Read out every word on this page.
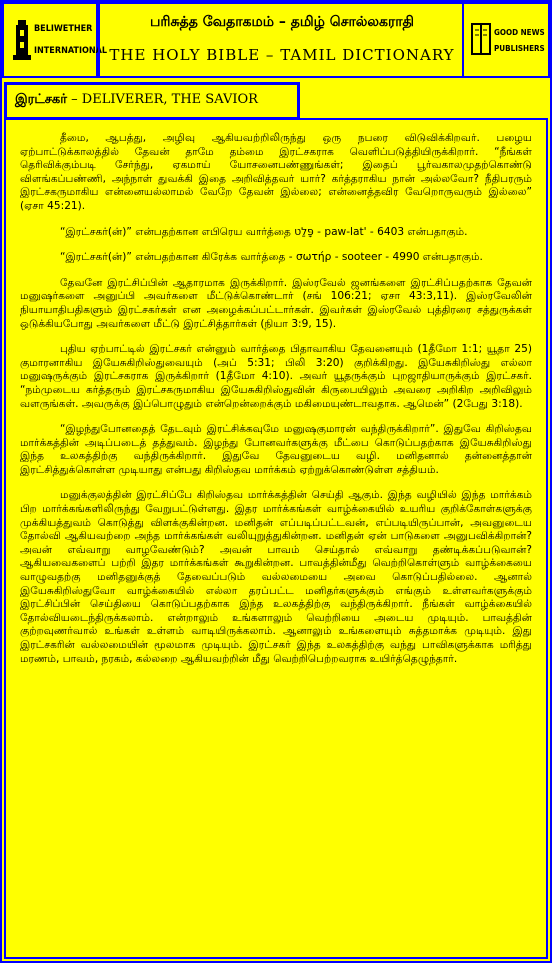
BELIWETHER
INTERNATIONAL
பரிசுத்த வேதாகமம் – தமிழ் சொல்லகராதி
THE HOLY BIBLE – TAMIL DICTIONARY
GOOD NEWS
PUBLISHERS
இரட்சகர் – DELIVERER, THE SAVIOR

தீமை, ஆபத்து, அழிவு ஆகியவற்றிலிருந்து ஒரு நபரை விடுவிக்கிறவர். பழைய ஏற்பாட்டுக்காலத்தில் தேவன் தாமே தம்மை இரட்சகராக வெளிப்படுத்தியிருக்கிறார். “நீங்கள் தெரிவிக்கும்படி சேர்ந்து, ஏகமாய் யோசனைபண்ணுங்கள்; இதைப் பூர்வகாலமுதற்கொண்டு விளங்கப்பண்ணி, அந்நாள் துவக்கி இதை அறிவித்தவர் யார்? கர்த்தராகிய நான் அல்லவோ? நீதிபரரும் இரட்சகருமாகிய என்னையல்லாமல் வேறே தேவன் இல்லை; என்னைத்தவிர வேறொருவரும் இல்லை” (ஏசா 45:21).

“இரட்சகர்(ன்)” என்பதற்கான எபிரெய வார்த்தை פָּלַט - paw-lat' - 6403 என்பதாகும்.

“இரட்சகர்(ன்)” என்பதற்கான கிரேக்க வார்த்தை - σωτήρ - sooteer - 4990 என்பதாகும்.

தேவனே இரட்சிப்பின் ஆதாரமாக இருக்கிறார். இஸ்ரவேல் ஜனங்களை இரட்சிப்பதற்காக தேவன் மனுஷர்களை அனுப்பி அவர்களை மீட்டுக்கொண்டார் (சங் 106:21; ஏசா 43:3,11). இஸ்ரவேலின் நியாயாதிபதிகளும் இரட்சகர்கள் என அழைக்கப்பட்டார்கள். இவர்கள் இஸ்ரவேல் புத்திரரை சத்துருக்கள் ஒடுக்கியபோது அவர்களை மீட்டு இரட்சித்தார்கள் (நியா 3:9, 15).

புதிய ஏற்பாட்டில் இரட்சகர் என்னும் வார்த்தை பிதாவாகிய தேவனையும் (1தீமோ 1:1; யூதா 25) குமாரனாகிய இயேசுகிறிஸ்துவையும் (அப் 5:31; பிலி 3:20) குறிக்கிறது. இயேசுகிறிஸ்து எல்லா மனுஷருக்கும் இரட்சகராக இருக்கிறார் (1தீமோ 4:10). அவர் யூதருக்கும் புறஜாதியாருக்கும் இரட்சகர். “நம்முடைய கர்த்தரும் இரட்சகருமாகிய இயேசுகிறிஸ்துவின் கிருபையிலும் அவரை அறிகிற அறிவிலும் வளருங்கள். அவருக்கு இப்பொழுதும் என்றென்றைக்கும் மகிமையுண்டாவதாக. ஆமென்” (2பேது 3:18).

“இழந்துபோனதைத் தேடவும் இரட்சிக்கவுமே மனுஷகுமாரன் வந்திருக்கிறார்”. இதுவே கிறிஸ்தவ மார்க்கத்தின் அடிப்படைத் தத்துவம். இழந்து போனவர்களுக்கு மீட்பை கொடுப்பதற்காக இயேசுகிறிஸ்து இந்த உலகத்திற்கு வந்திருக்கிறார். இதுவே தேவனுடைய வழி. மனிதனால் தன்னைத்தான் இரட்சித்துக்கொள்ள முடியாது என்பது கிறிஸ்தவ மார்க்கம் ஏற்றுக்கொண்டுள்ள சத்தியம்.

மனுக்குலத்தின் இரட்சிப்பே கிறிஸ்தவ மார்க்கத்தின் செய்தி ஆகும். இந்த வழியில் இந்த மார்க்கம் பிற மார்க்கங்களிலிருந்து வேறுபட்டுள்ளது. இதர மார்க்கங்கள் வாழ்க்கையில் உயரிய குறிக்கோள்களுக்கு முக்கியத்துவம் கொடுத்து விளக்குகின்றன. மனிதன் எப்படிப்பட்டவன், எப்படியிருப்பான், அவனுடைய தோல்வி ஆகியவற்றை அந்த மார்க்கங்கள் வலியுறுத்துகின்றன. மனிதன் ஏன் பாடுகளை அனுபவிக்கிறான்? அவன் எவ்வாறு வாழவேண்டும்? அவன் பாவம் செய்தால் எவ்வாறு தண்டிக்கப்படுவான்? ஆகியவைகளைப் பற்றி இதர மார்க்கங்கள் கூறுகின்றன. பாவத்தின்மீது வெற்றிகொள்ளும் வாழ்க்கையை வாழுவதற்கு மனிதனுக்குத் தேவைப்படும் வல்லமையை அவை கொடுப்பதில்லை. ஆனால் இயேசுகிறிஸ்துவோ வாழ்க்கையில் எல்லா தரப்பட்ட மனிதர்களுக்கும் எங்கும் உள்ளவர்களுக்கும் இரட்சிப்பின் செய்தியை கொடுப்பதற்காக இந்த உலகத்திற்கு வந்திருக்கிறார். நீங்கள் வாழ்க்கையில் தோல்வியடைந்திருக்கலாம். என்றாலும் உங்களாலும் வெற்றியை அடைய முடியும். பாவத்தின் குற்றவுணர்வால் உங்கள் உள்ளம் வாடியிருக்கலாம். ஆனாலும் உங்களையும் சுத்தமாக்க முடியும். இது இரட்சகரின் வல்லமையின் மூலமாக முடியும். இரட்சகர் இந்த உலகத்திற்கு வந்து பாவிகளுக்காக மரித்து மரணம், பாவம், நரகம், கல்லறை ஆகியவற்றின் மீது வெற்றிபெற்றவராக உயிர்த்தெழுந்தார்.
